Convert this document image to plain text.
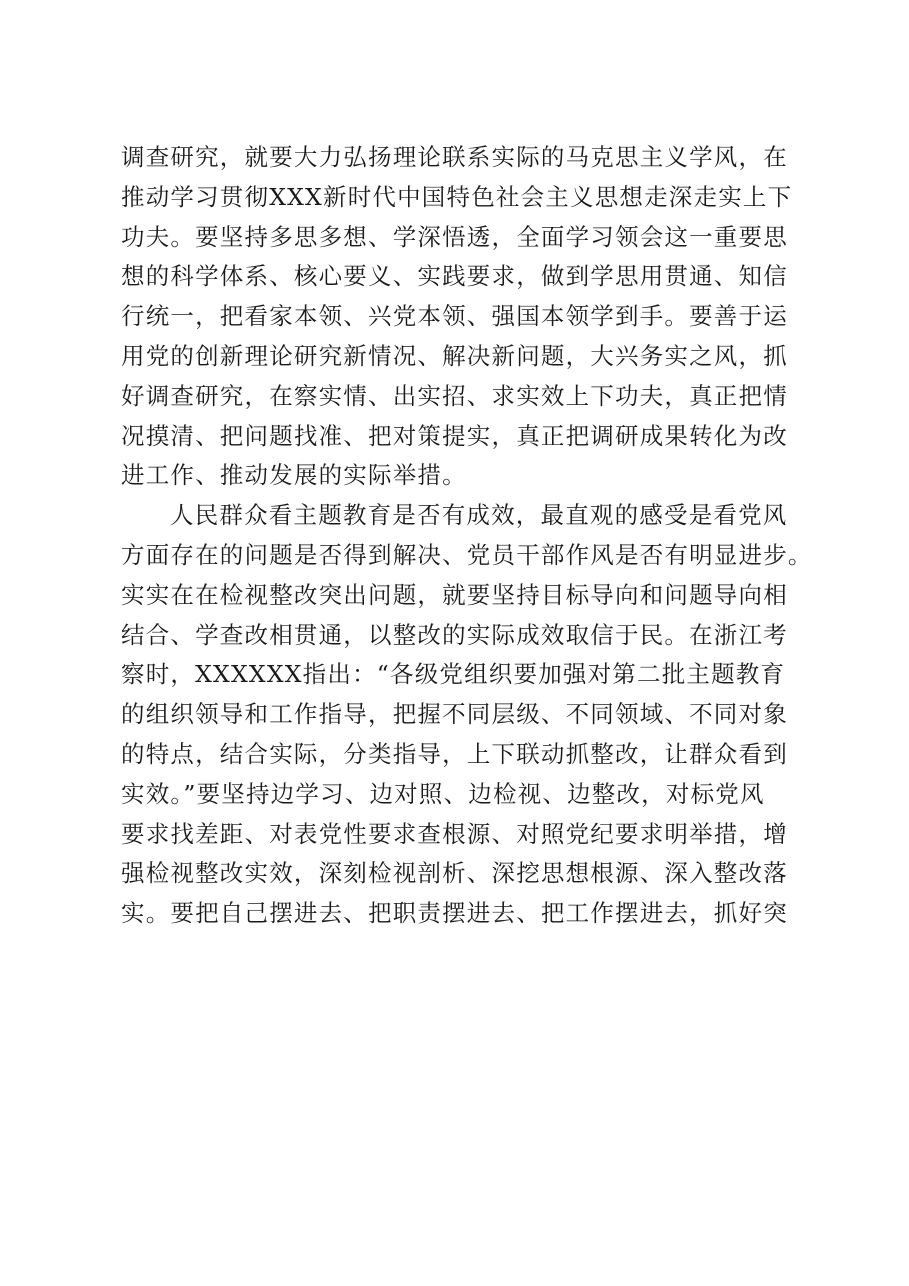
调查研究，就要大力弘扬理论联系实际的马克思主义学风，在
推动学习贯彻XXX新时代中国特色社会主义思想走深走实上下
功夫。要坚持多思多想、学深悟透，全面学习领会这一重要思
想的科学体系、核心要义、实践要求，做到学思用贯通、知信
行统一，把看家本领、兴党本领、强国本领学到手。要善于运
用党的创新理论研究新情况、解决新问题，大兴务实之风，抓
好调查研究，在察实情、出实招、求实效上下功夫，真正把情
况摸清、把问题找准、把对策提实，真正把调研成果转化为改
进工作、推动发展的实际举措。
人民群众看主题教育是否有成效，最直观的感受是看党风
方面存在的问题是否得到解决、党员干部作风是否有明显进步。
实实在在检视整改突出问题，就要坚持目标导向和问题导向相
结合、学查改相贯通，以整改的实际成效取信于民。在浙江考
察时，XXXXXX指出：“各级党组织要加强对第二批主题教育
的组织领导和工作指导，把握不同层级、不同领域、不同对象
的特点，结合实际，分类指导，上下联动抓整改，让群众看到
实效。”要坚持边学习、边对照、边检视、边整改，对标党风
要求找差距、对表党性要求查根源、对照党纪要求明举措，增
强检视整改实效，深刻检视剖析、深挖思想根源、深入整改落
实。要把自己摆进去、把职责摆进去、把工作摆进去，抓好突
